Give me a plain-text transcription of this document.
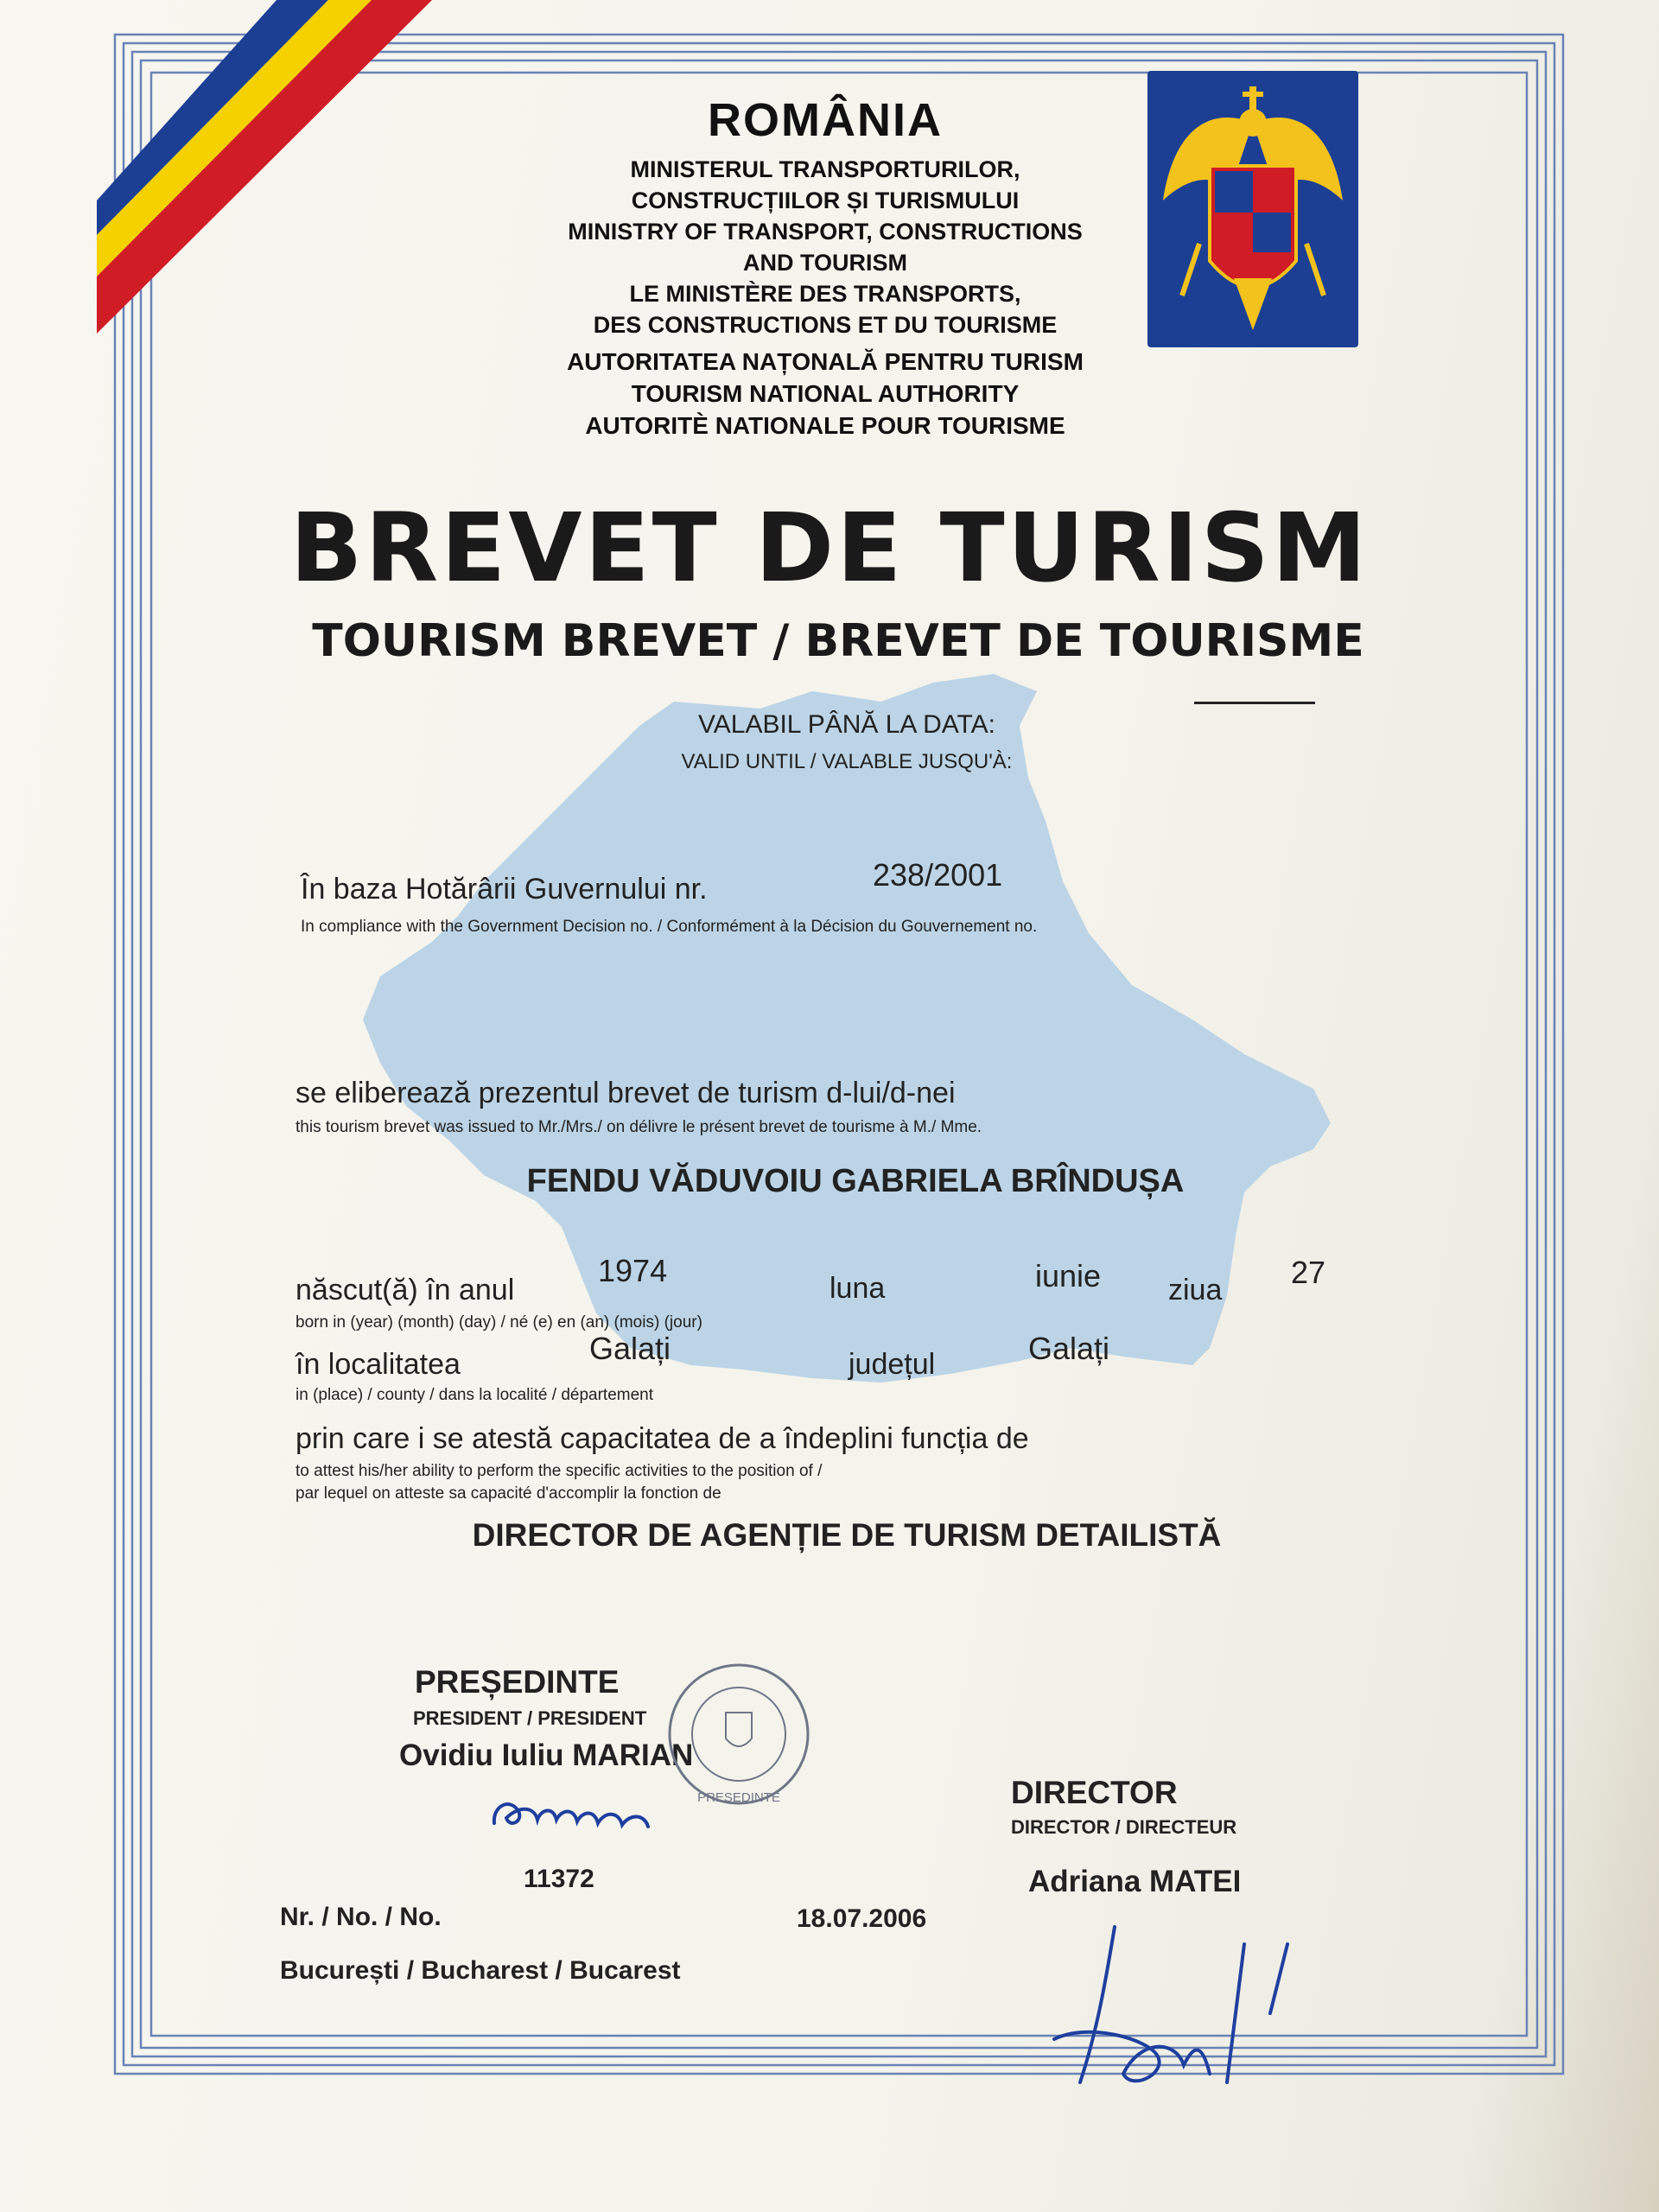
ROMÂNIA
MINISTERUL TRANSPORTURILOR,
CONSTRUCȚIILOR ȘI TURISMULUI
MINISTRY OF TRANSPORT, CONSTRUCTIONS
AND TOURISM
LE MINISTÈRE DES TRANSPORTS,
DES CONSTRUCTIONS ET DU TOURISME
AUTORITATEA NAȚONALĂ PENTRU TURISM
TOURISM NATIONAL AUTHORITY
AUTORITÈ NATIONALE POUR TOURISME
BREVET DE TURISM
TOURISM BREVET / BREVET DE TOURISME
VALABIL PÂNĂ LA DATA:
VALID UNTIL / VALABLE JUSQU'À:
În baza Hotărârii Guvernului nr.	238/2001
In compliance with the Government Decision no. / Conformément à la Décision du Gouvernement no.
se eliberează prezentul brevet de turism d-lui/d-nei
this tourism brevet was issued to Mr./Mrs./ on délivre le présent brevet de tourisme à M./ Mme.
FENDU VĂDUVOIU GABRIELA BRÎNDUȘA
născut(ă) în anul
1974	luna	iunie ziua 27
born in (year) (month) (day) / né (e) en (an) (mois) (jour)
în localitatea	Galați	județul	Galați
in (place) / county / dans la localité / département
prin care i se atestă capacitatea de a îndeplini funcția de
to attest his/her ability to perform the specific activities to the position of /
par lequel on atteste sa capacité d'accomplir la fonction de
DIRECTOR DE AGENȚIE DE TURISM DETAILISTĂ
PREȘEDINTE
PRESIDENT / PRESIDENT
Ovidiu Iuliu MARIAN
PREȘEDINTE	DIRECTOR
DIRECTOR / DIRECTEUR
Adriana MATEI
11372
Nr. / No. / No.	18.07.2006
București / Bucharest / Bucarest
